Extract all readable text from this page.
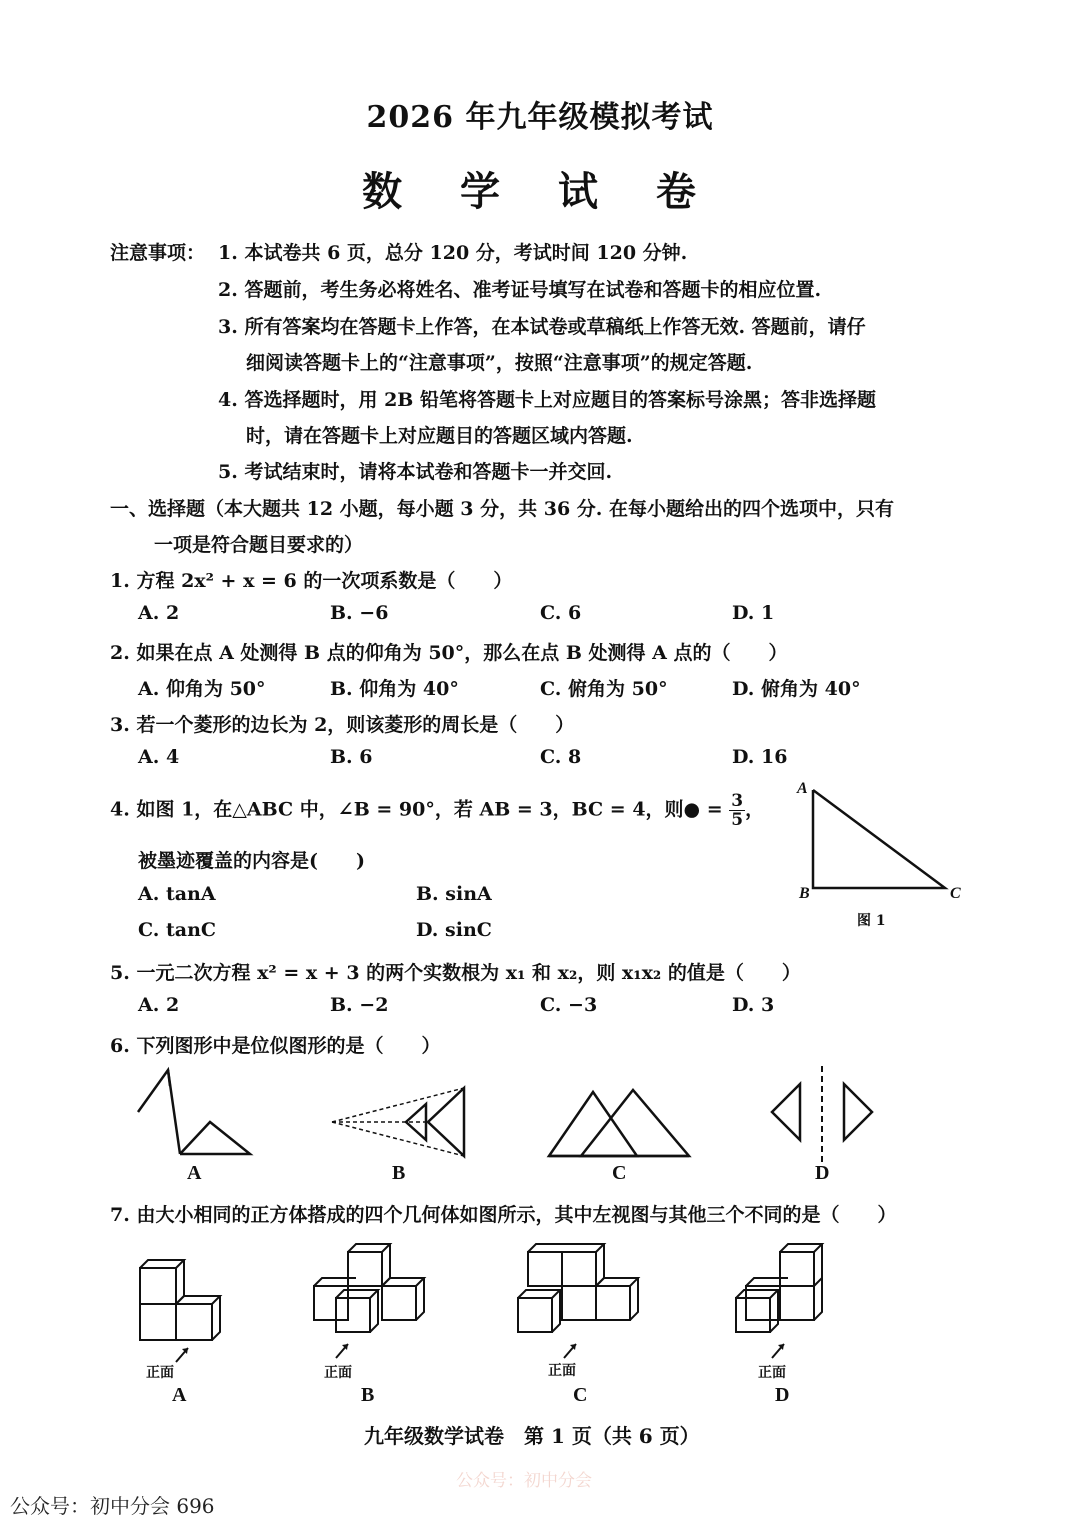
2026 年九年级模拟考试
数 学 试 卷
注意事项： 1. 本试卷共 6 页，总分 120 分，考试时间 120 分钟.
2. 答题前，考生务必将姓名、准考证号填写在试卷和答题卡的相应位置.
3. 所有答案均在答题卡上作答，在本试卷或草稿纸上作答无效. 答题前，请仔
细阅读答题卡上的“注意事项”，按照“注意事项”的规定答题.
4. 答选择题时，用 2B 铅笔将答题卡上对应题目的答案标号涂黑；答非选择题
时，请在答题卡上对应题目的答题区域内答题.
5. 考试结束时，请将本试卷和答题卡一并交回.
一、选择题（本大题共 12 小题，每小题 3 分，共 36 分. 在每小题给出的四个选项中，只有
一项是符合题目要求的）
1. 方程 2x² + x = 6 的一次项系数是（　　）
A. 2	B. −6	C. 6	D. 1
2. 如果在点 A 处测得 B 点的仰角为 50°，那么在点 B 处测得 A 点的（　　）
A. 仰角为 50°	B. 仰角为 40°	C. 俯角为 50°	D. 俯角为 40°
3. 若一个菱形的边长为 2，则该菱形的周长是（　　）
A. 4	B. 6	C. 8	D. 16
4. 如图 1，在△ABC 中，∠B = 90°，若 AB = 3，BC = 4，则● = $\frac{3}{5}$ ，
被墨迹覆盖的内容是(　　)
A. tanA	B. sinA
C. tanC	D. sinC
A
B	C
图 1
5. 一元二次方程 x² = x + 3 的两个实数根为 x₁ 和 x₂，则 x₁x₂ 的值是（　　）
A. 2	B. −2	C. −3	D. 3
6. 下列图形中是位似图形的是（　　）
A	B	C	D
7. 由大小相同的正方体搭成的四个几何体如图所示，其中左视图与其他三个不同的是（　　）
正面
A
正面
B
正面
C
正面
D
九年级数学试卷　第 1 页（共 6 页）
公众号：初中分会
公众号：初中分会 696
